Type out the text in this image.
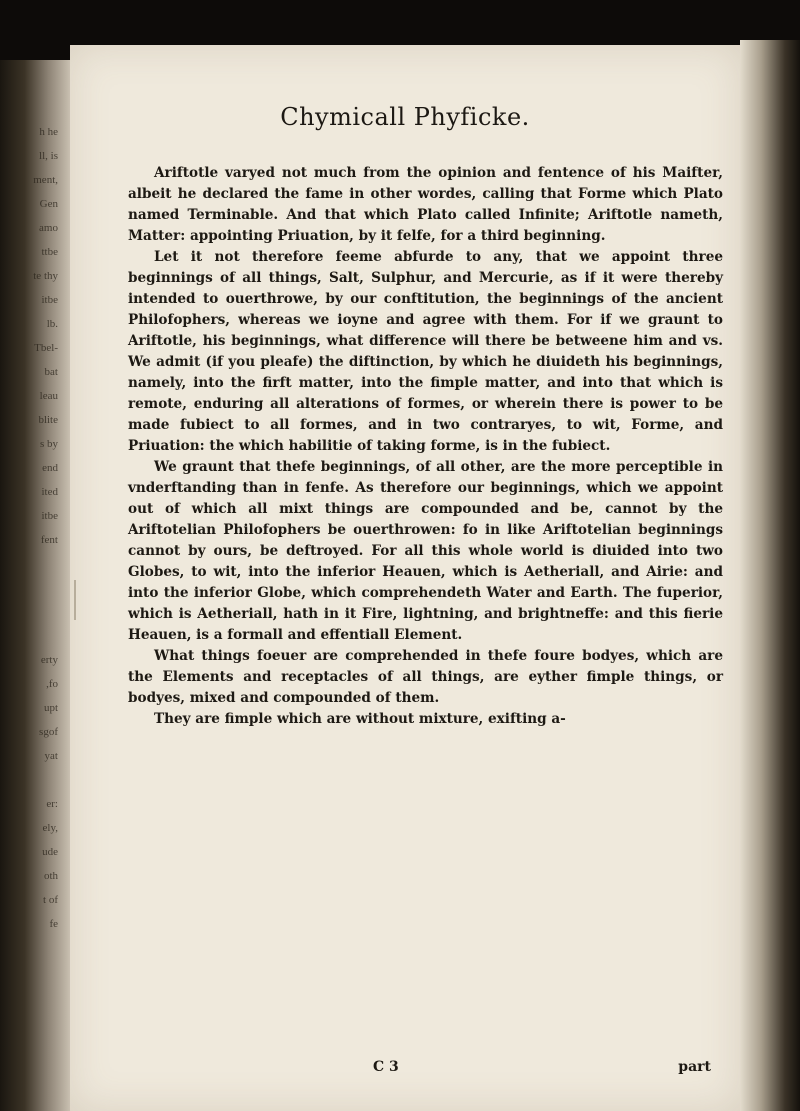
h he
ll, is
ment,
Gen
amo
ttbe
te thy
itbe
lb.
Tbel-
bat
leau
blite
s by
end
ited
itbe
fent

erty
,fo
upt
sgof
yat

er:
ely,
ude
oth
t of
fe
Chymicall Phyficke.

Ariftotle varyed not much from the opinion and fentence of his Maifter, albeit he declared the fame in other wordes, calling that Forme which Plato named Terminable. And that which Plato called Infinite; Ariftotle nameth, Matter: appointing Priuation, by it felfe, for a third beginning.

Let it not therefore feeme abfurde to any, that we appoint three beginnings of all things, Salt, Sulphur, and Mercurie, as if it were thereby intended to ouerthrowe, by our conftitution, the beginnings of the ancient Philofophers, whereas we ioyne and agree with them. For if we graunt to Ariftotle, his beginnings, what difference will there be betweene him and vs. We admit (if you pleafe) the diftinction, by which he diuideth his beginnings, namely, into the firft matter, into the fimple matter, and into that which is remote, enduring all alterations of formes, or wherein there is power to be made fubiect to all formes, and in two contraryes, to wit, Forme, and Priuation: the which habilitie of taking forme, is in the fubiect.

We graunt that thefe beginnings, of all other, are the more perceptible in vnderftanding than in fenfe. As therefore our beginnings, which we appoint out of which all mixt things are compounded and be, cannot by the Ariftotelian Philofophers be ouerthrowen: fo in like Ariftotelian beginnings cannot by ours, be deftroyed. For all this whole world is diuided into two Globes, to wit, into the inferior Heauen, which is Aetheriall, and Airie: and into the inferior Globe, which comprehendeth Water and Earth. The fuperior, which is Aetheriall, hath in it Fire, lightning, and brightneffe: and this fierie Heauen, is a formall and effentiall Element.

What things foeuer are comprehended in thefe foure bodyes, which are the Elements and receptacles of all things, are eyther fimple things, or bodyes, mixed and compounded of them.

They are fimple which are without mixture, exifting a-

C 3	part
